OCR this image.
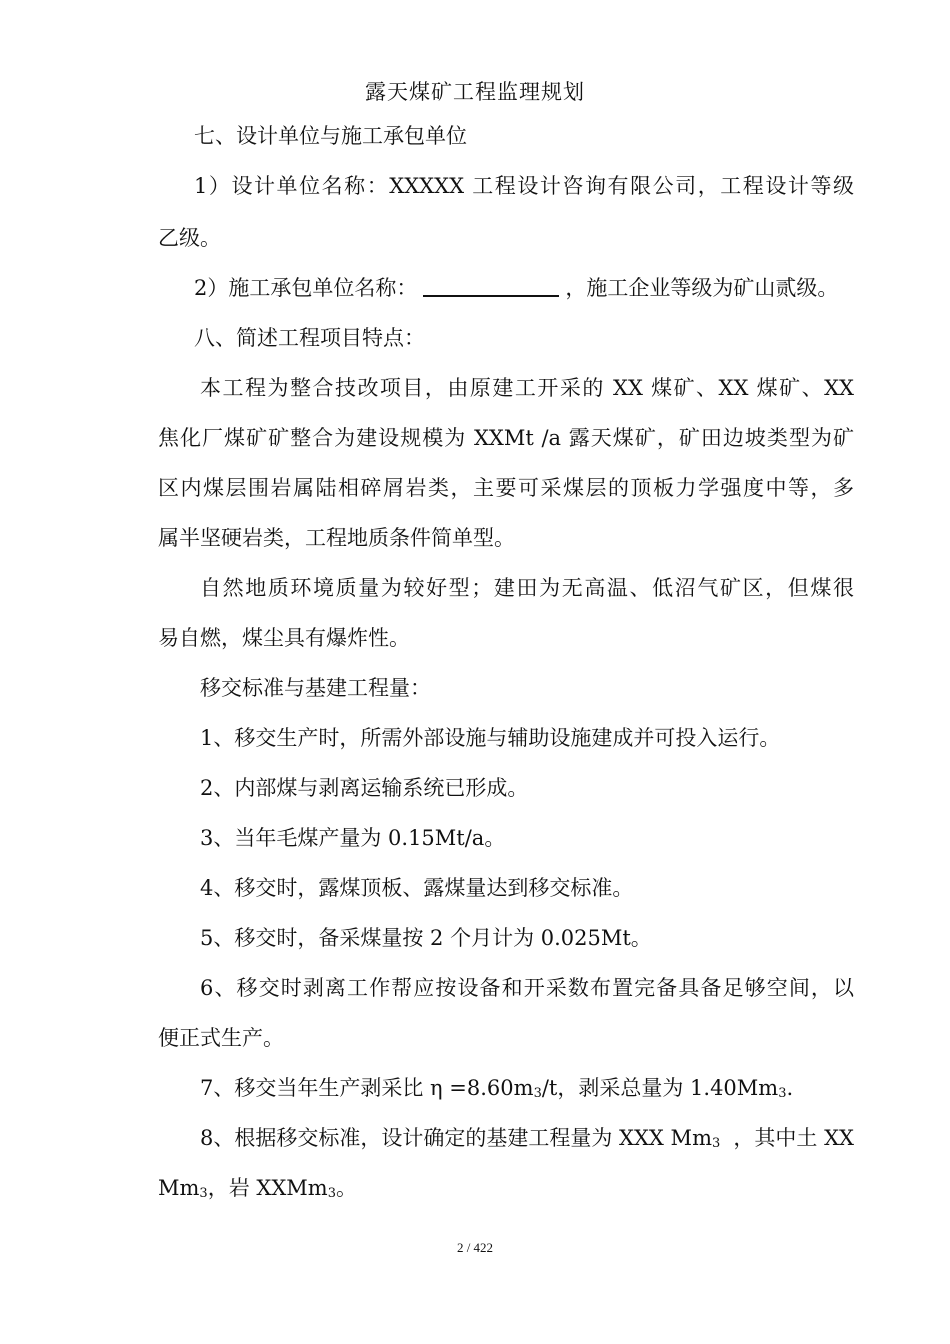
露天煤矿工程监理规划
七、设计单位与施工承包单位
1）设计单位名称：XXXXX 工程设计咨询有限公司，工程设计等级
乙级。
2）施工承包单位名称：	，施工企业等级为矿山贰级。
八、简述工程项目特点：
本工程为整合技改项目，由原建工开采的 XX 煤矿、XX 煤矿、XX
焦化厂煤矿矿整合为建设规模为 XXMt /a 露天煤矿，矿田边坡类型为矿
区内煤层围岩属陆相碎屑岩类，主要可采煤层的顶板力学强度中等，多
属半坚硬岩类，工程地质条件简单型。
自然地质环境质量为较好型；建田为无高温、低沼气矿区，但煤很
易自燃，煤尘具有爆炸性。
移交标准与基建工程量：
1、移交生产时，所需外部设施与辅助设施建成并可投入运行。
2、内部煤与剥离运输系统已形成。
3、当年毛煤产量为 0.15Mt/a。
4、移交时，露煤顶板、露煤量达到移交标准。
5、移交时，备采煤量按 2 个月计为 0.025Mt。
6、移交时剥离工作帮应按设备和开采数布置完备具备足够空间，以
便正式生产。
7、移交当年生产剥采比 $\eta =8.60m^3/t$，剥采总量为 1.40Mm$^3$.
8、根据移交标准，设计确定的基建工程量为 XXX Mm$^3$ ，其中土 XX
Mm$^3$，岩 XXMm$^3$。
2 / 422
